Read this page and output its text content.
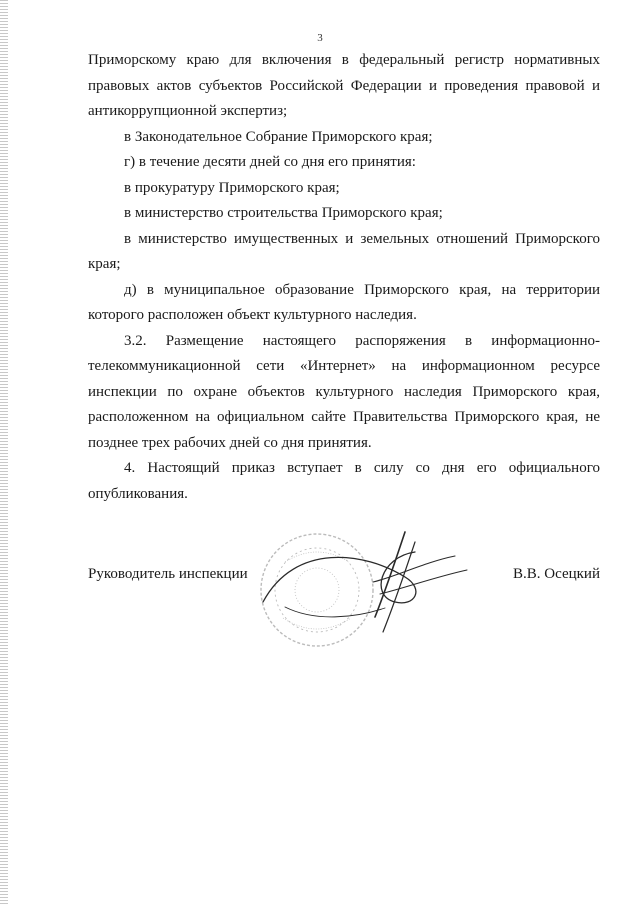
3

Приморскому краю для включения в федеральный регистр нормативных

правовых актов субъектов Российской Федерации и проведения правовой и

антикоррупционной экспертиз;

в Законодательное Собрание Приморского края;

г) в течение десяти дней со дня его принятия:

в прокуратуру Приморского края;

в министерство строительства Приморского края;

в министерство имущественных и земельных отношений Приморского

края;

д) в муниципальное образование Приморского края, на территории

которого расположен объект культурного наследия.

3.2. Размещение настоящего распоряжения в информационно-

телекоммуникационной сети «Интернет» на информационном ресурсе

инспекции по охране объектов культурного наследия Приморского края,

расположенном на официальном сайте Правительства Приморского края, не

позднее трех рабочих дней со дня принятия.

4. Настоящий приказ вступает в силу со дня его официального

опубликования.

Руководитель инспекции	В.В. Осецкий
